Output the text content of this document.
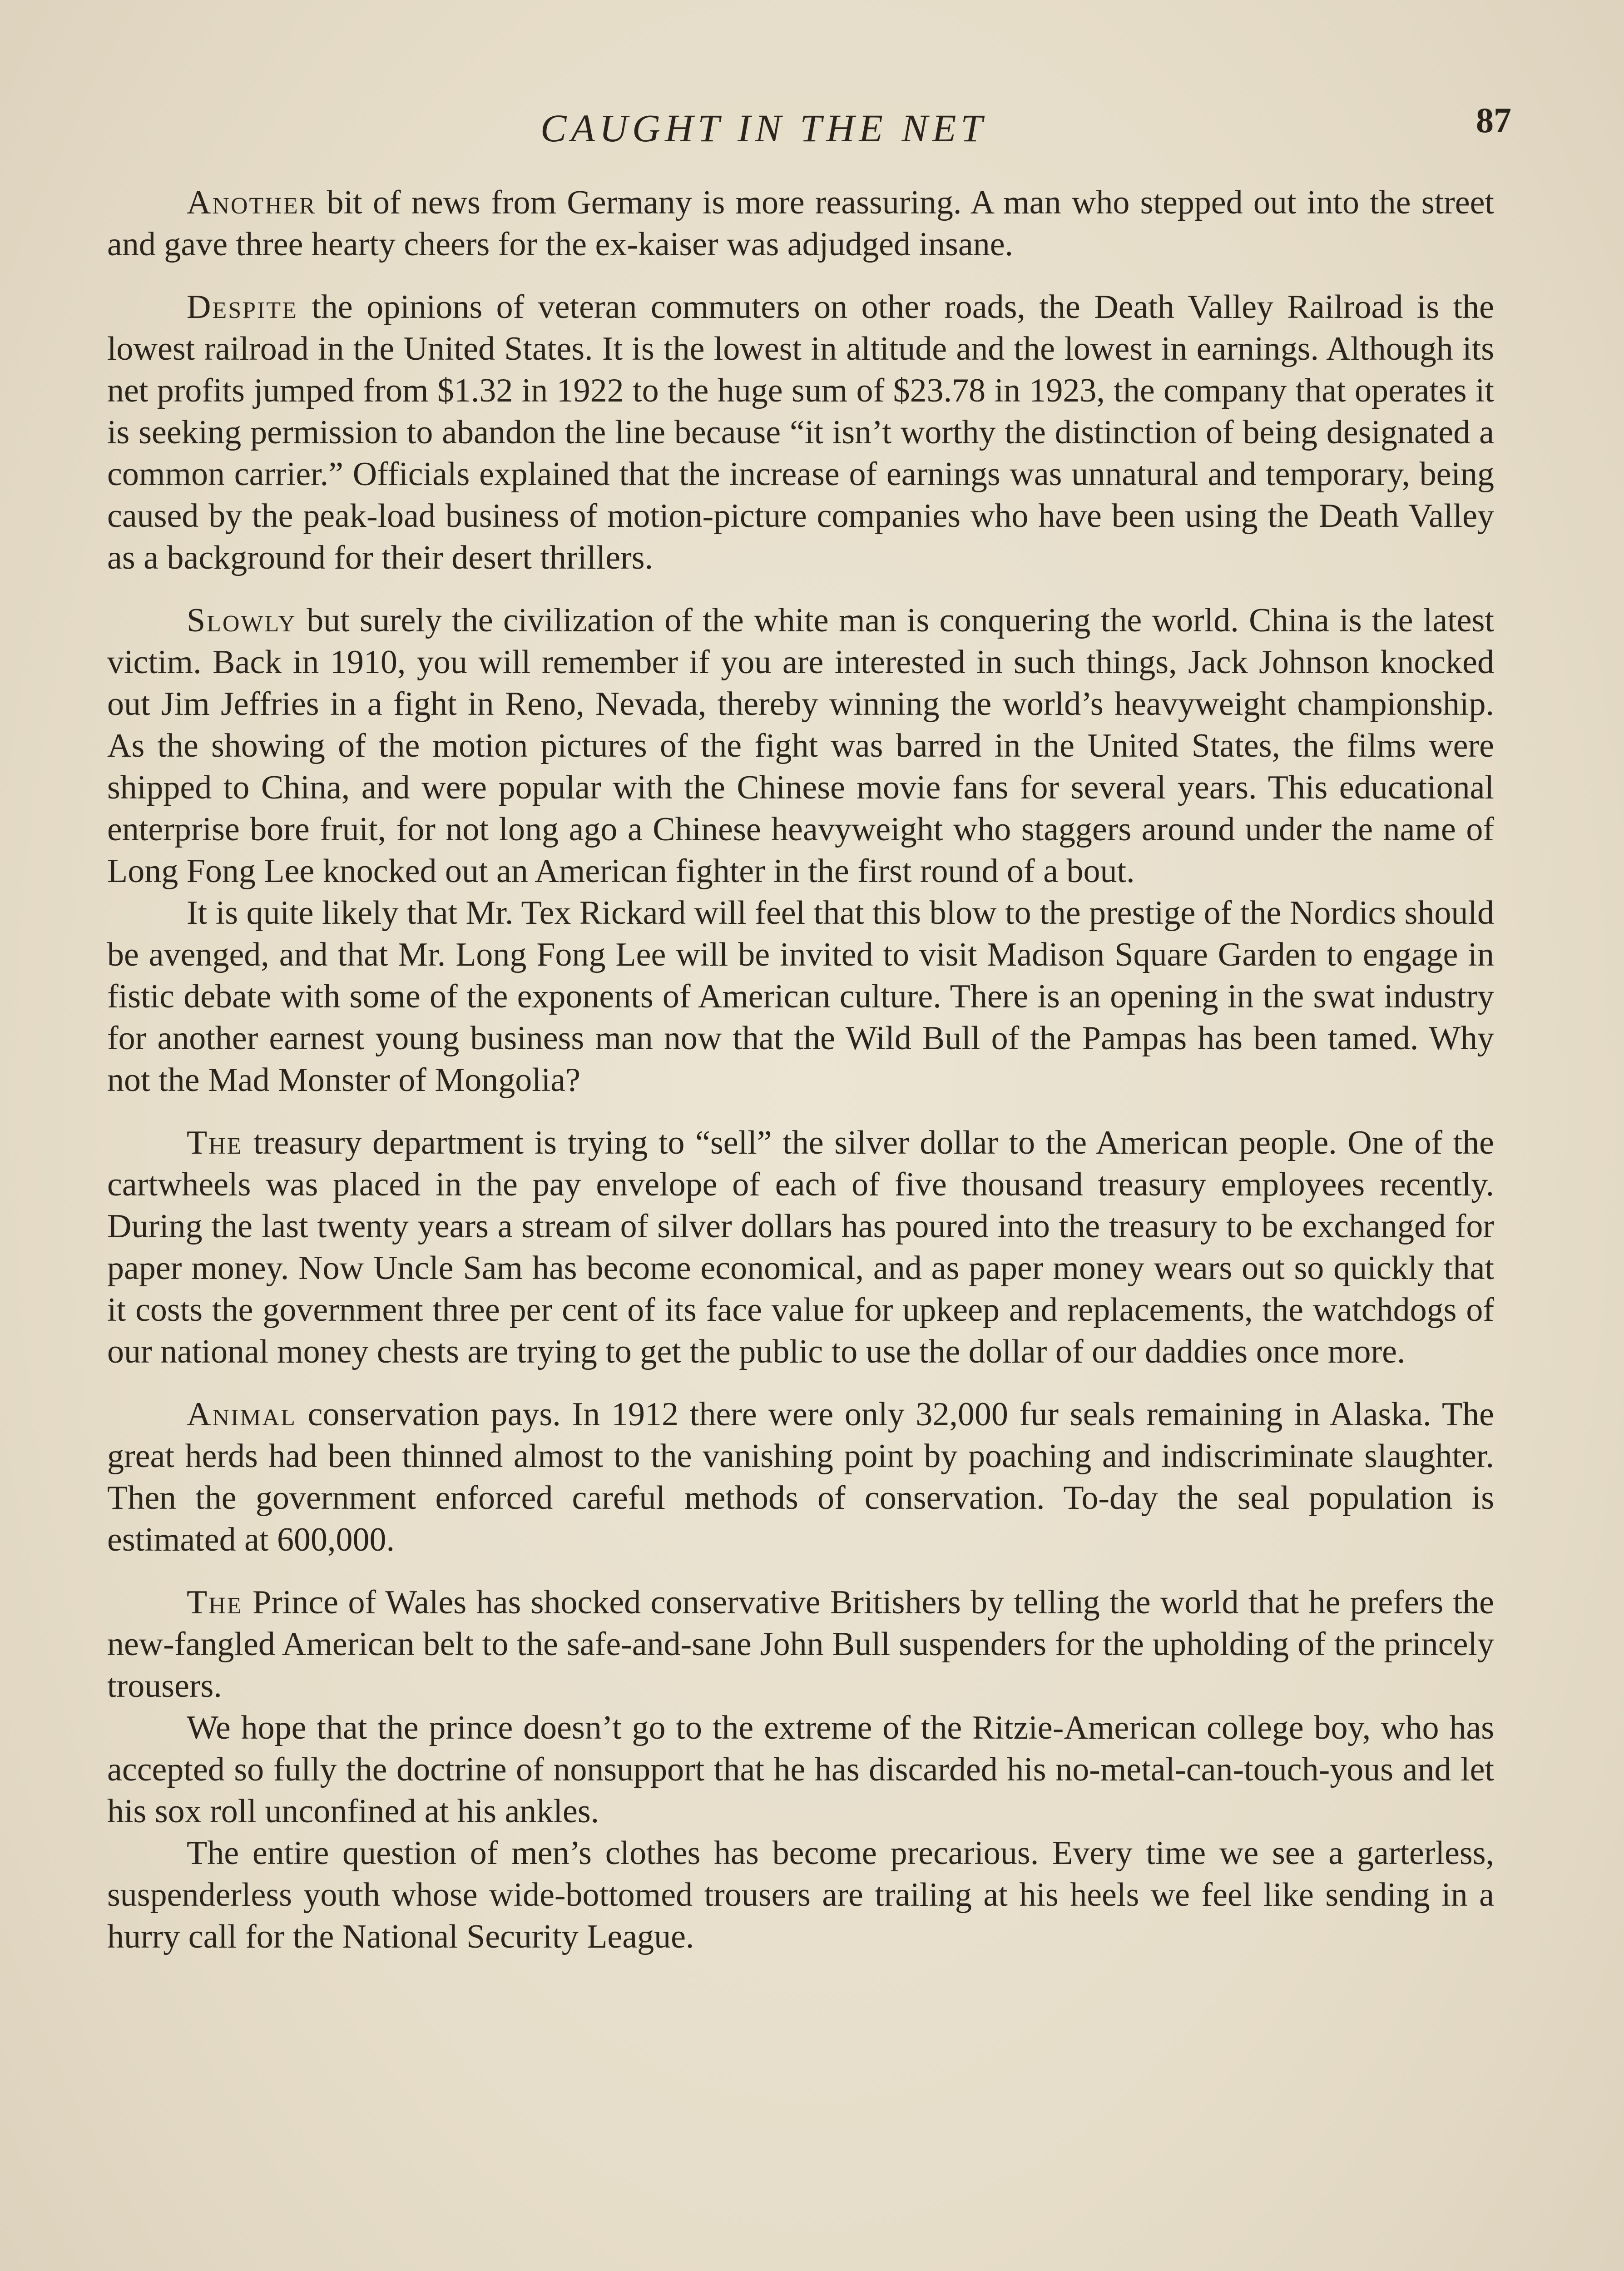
CAUGHT IN THE NET	87

Another bit of news from Germany is more reassuring. A man who stepped out into the street and gave three hearty cheers for the ex-kaiser was adjudged insane.

Despite the opinions of veteran commuters on other roads, the Death Valley Railroad is the lowest railroad in the United States. It is the lowest in altitude and the lowest in earnings. Although its net profits jumped from $1.32 in 1922 to the huge sum of $23.78 in 1923, the company that operates it is seeking permission to abandon the line because “it isn’t worthy the distinction of being designated a common carrier.” Officials explained that the increase of earnings was unnatural and temporary, being caused by the peak-load business of motion-picture companies who have been using the Death Valley as a background for their desert thrillers.

Slowly but surely the civilization of the white man is conquering the world. China is the latest victim. Back in 1910, you will remember if you are interested in such things, Jack Johnson knocked out Jim Jeffries in a fight in Reno, Nevada, thereby winning the world’s heavyweight championship. As the showing of the motion pictures of the fight was barred in the United States, the films were shipped to China, and were popular with the Chinese movie fans for several years. This educational enterprise bore fruit, for not long ago a Chinese heavyweight who staggers around under the name of Long Fong Lee knocked out an American fighter in the first round of a bout.

It is quite likely that Mr. Tex Rickard will feel that this blow to the prestige of the Nordics should be avenged, and that Mr. Long Fong Lee will be invited to visit Madison Square Garden to engage in fistic debate with some of the exponents of American culture. There is an opening in the swat industry for another earnest young business man now that the Wild Bull of the Pampas has been tamed. Why not the Mad Monster of Mongolia?

The treasury department is trying to “sell” the silver dollar to the American people. One of the cartwheels was placed in the pay envelope of each of five thousand treasury employees recently. During the last twenty years a stream of silver dollars has poured into the treasury to be exchanged for paper money. Now Uncle Sam has become economical, and as paper money wears out so quickly that it costs the government three per cent of its face value for upkeep and replacements, the watchdogs of our national money chests are trying to get the public to use the dollar of our daddies once more.

Animal conservation pays. In 1912 there were only 32,000 fur seals remaining in Alaska. The great herds had been thinned almost to the vanishing point by poaching and indiscriminate slaughter. Then the government enforced careful methods of conservation. To-day the seal population is estimated at 600,000.

The Prince of Wales has shocked conservative Britishers by telling the world that he prefers the new-fangled American belt to the safe-and-sane John Bull suspenders for the upholding of the princely trousers.

We hope that the prince doesn’t go to the extreme of the Ritzie-American college boy, who has accepted so fully the doctrine of nonsupport that he has discarded his no-metal-can-touch-yous and let his sox roll unconfined at his ankles.

The entire question of men’s clothes has become precarious. Every time we see a garterless, suspenderless youth whose wide-bottomed trousers are trailing at his heels we feel like sending in a hurry call for the National Security League.
